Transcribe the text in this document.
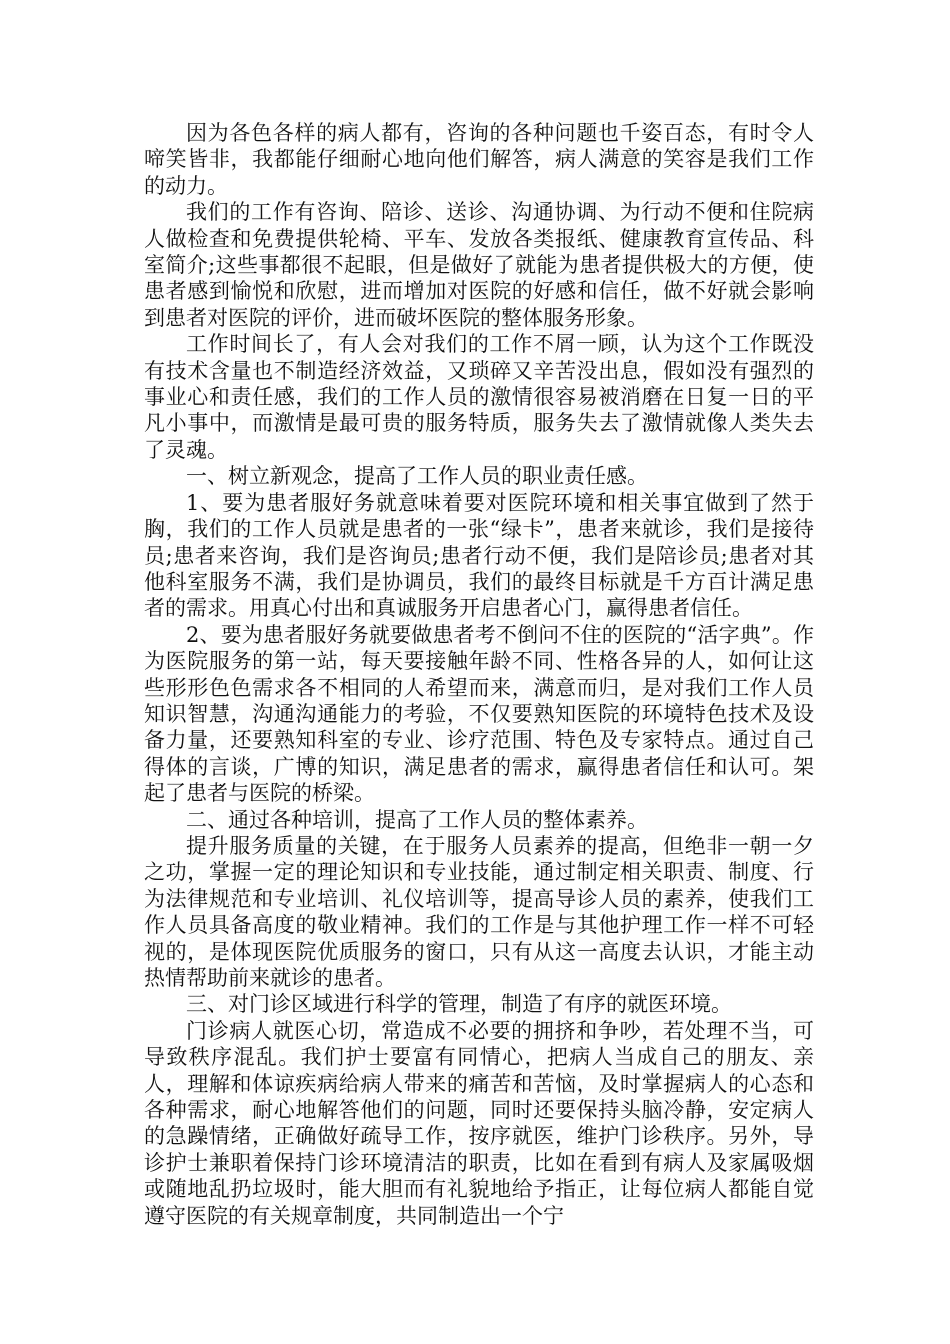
因为各色各样的病人都有，咨询的各种问题也千姿百态，有时令人啼笑皆非，我都能仔细耐心地向他们解答，病人满意的笑容是我们工作的动力。

我们的工作有咨询、陪诊、送诊、沟通协调、为行动不便和住院病人做检查和免费提供轮椅、平车、发放各类报纸、健康教育宣传品、科室简介;这些事都很不起眼，但是做好了就能为患者提供极大的方便，使患者感到愉悦和欣慰，进而增加对医院的好感和信任，做不好就会影响到患者对医院的评价，进而破坏医院的整体服务形象。

工作时间长了，有人会对我们的工作不屑一顾，认为这个工作既没有技术含量也不制造经济效益，又琐碎又辛苦没出息，假如没有强烈的事业心和责任感，我们的工作人员的激情很容易被消磨在日复一日的平凡小事中，而激情是最可贵的服务特质，服务失去了激情就像人类失去了灵魂。

一、树立新观念，提高了工作人员的职业责任感。

1、要为患者服好务就意味着要对医院环境和相关事宜做到了然于胸，我们的工作人员就是患者的一张“绿卡”，患者来就诊，我们是接待员;患者来咨询，我们是咨询员;患者行动不便，我们是陪诊员;患者对其他科室服务不满，我们是协调员，我们的最终目标就是千方百计满足患者的需求。用真心付出和真诚服务开启患者心门，赢得患者信任。

2、要为患者服好务就要做患者考不倒问不住的医院的“活字典”。作为医院服务的第一站，每天要接触年龄不同、性格各异的人，如何让这些形形色色需求各不相同的人希望而来，满意而归，是对我们工作人员知识智慧，沟通沟通能力的考验，不仅要熟知医院的环境特色技术及设备力量，还要熟知科室的专业、诊疗范围、特色及专家特点。通过自己得体的言谈，广博的知识，满足患者的需求，赢得患者信任和认可。架起了患者与医院的桥梁。

二、通过各种培训，提高了工作人员的整体素养。

提升服务质量的关键，在于服务人员素养的提高，但绝非一朝一夕之功，掌握一定的理论知识和专业技能，通过制定相关职责、制度、行为法律规范和专业培训、礼仪培训等，提高导诊人员的素养，使我们工作人员具备高度的敬业精神。我们的工作是与其他护理工作一样不可轻视的，是体现医院优质服务的窗口，只有从这一高度去认识，才能主动热情帮助前来就诊的患者。

三、对门诊区域进行科学的管理，制造了有序的就医环境。

门诊病人就医心切，常造成不必要的拥挤和争吵，若处理不当，可导致秩序混乱。我们护士要富有同情心，把病人当成自己的朋友、亲人，理解和体谅疾病给病人带来的痛苦和苦恼，及时掌握病人的心态和各种需求，耐心地解答他们的问题，同时还要保持头脑冷静，安定病人的急躁情绪，正确做好疏导工作，按序就医，维护门诊秩序。另外，导诊护士兼职着保持门诊环境清洁的职责，比如在看到有病人及家属吸烟或随地乱扔垃圾时，能大胆而有礼貌地给予指正，让每位病人都能自觉遵守医院的有关规章制度，共同制造出一个宁
